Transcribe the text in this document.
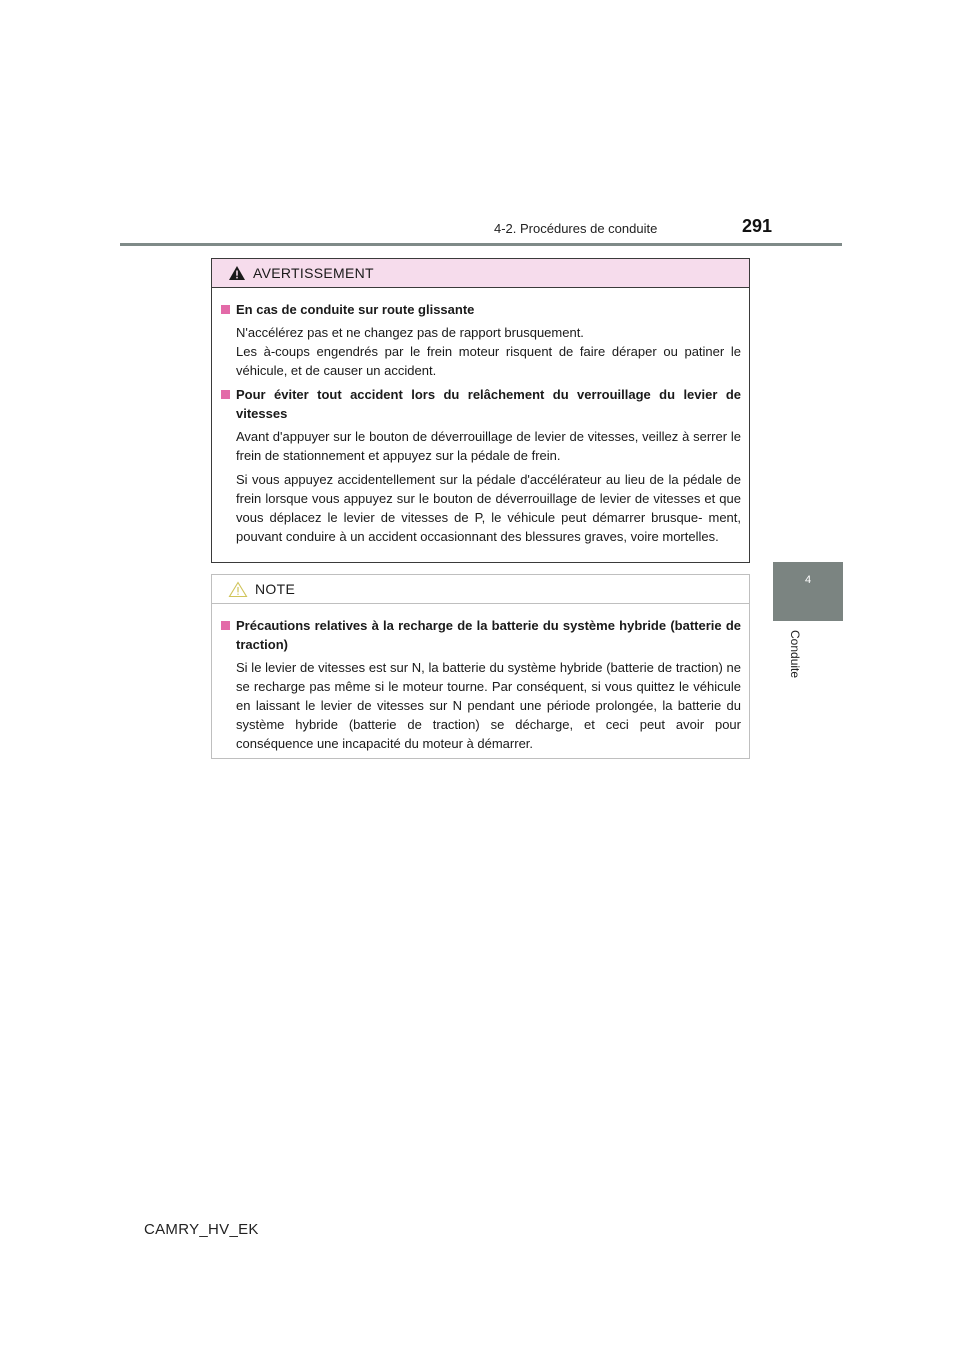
4-2. Procédures de conduite	291
4
Conduite
AVERTISSEMENT
En cas de conduite sur route glissante
N'accélérez pas et ne changez pas de rapport brusquement.
Les à-coups engendrés par le frein moteur risquent de faire déraper ou patiner le véhicule, et de causer un accident.
Pour éviter tout accident lors du relâchement du verrouillage du levier de vitesses
Avant d'appuyer sur le bouton de déverrouillage de levier de vitesses, veillez à serrer le frein de stationnement et appuyez sur la pédale de frein.
Si vous appuyez accidentellement sur la pédale d'accélérateur au lieu de la pédale de frein lorsque vous appuyez sur le bouton de déverrouillage de levier de vitesses et que vous déplacez le levier de vitesses de P, le véhicule peut démarrer brusque- ment, pouvant conduire à un accident occasionnant des blessures graves, voire mortelles.
NOTE
Précautions relatives à la recharge de la batterie du système hybride (batterie de traction)
Si le levier de vitesses est sur N, la batterie du système hybride (batterie de traction) ne se recharge pas même si le moteur tourne. Par conséquent, si vous quittez le véhicule en laissant le levier de vitesses sur N pendant une période prolongée, la batterie du système hybride (batterie de traction) se décharge, et ceci peut avoir pour conséquence une incapacité du moteur à démarrer.
CAMRY_HV_EK
